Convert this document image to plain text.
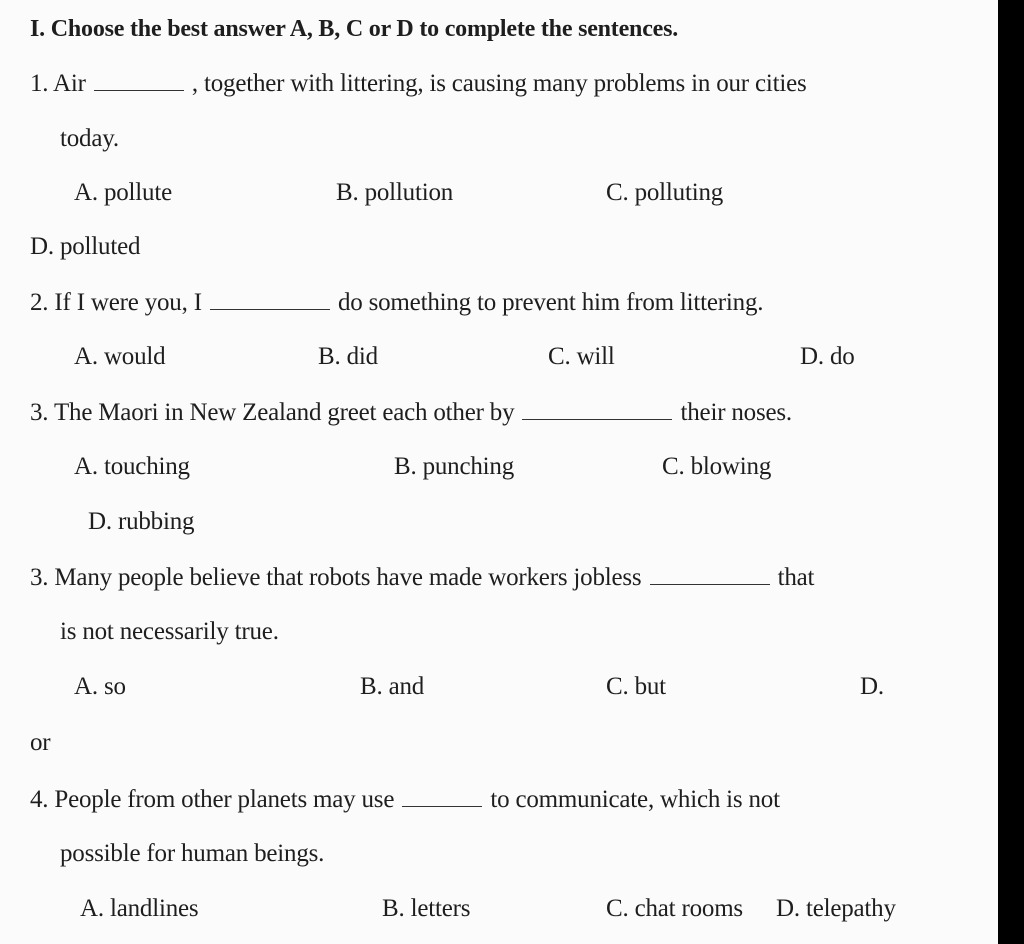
I. Choose the best answer A, B, C or D to complete the sentences.
1. Air	, together with littering, is causing many problems in our cities
today.
A. pollute	B. pollution	C. polluting
D. polluted
2. If I were you, I	do something to prevent him from littering.
A. would	B. did	C. will	D. do
3. The Maori in New Zealand greet each other by	their noses.
A. touching	B. punching	C. blowing
D. rubbing
3. Many people believe that robots have made workers jobless	that
is not necessarily true.
A. so	B. and	C. but	D.
or
4. People from other planets may use	to communicate, which is not
possible for human beings.
A. landlines	B. letters	C. chat rooms D. telepathy
